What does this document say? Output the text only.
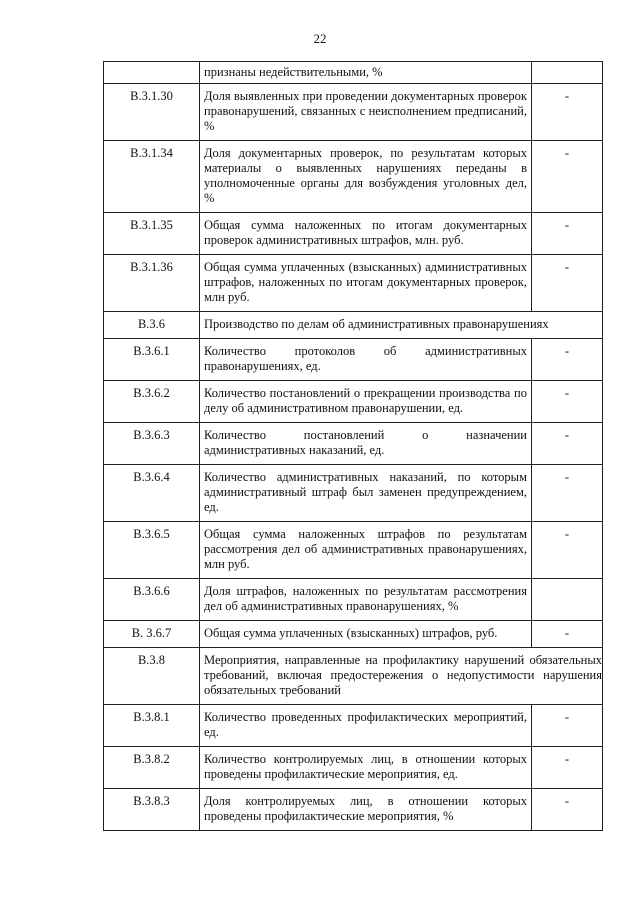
22
	признаны недействительными, %	
В.3.1.30	Доля выявленных при проведении документарных проверок правонарушений, связанных с неисполнением предписаний, %	-
В.3.1.34	Доля документарных проверок, по результатам которых материалы о выявленных нарушениях переданы в уполномоченные органы для возбуждения уголовных дел, %	-
В.3.1.35	Общая сумма наложенных по итогам документарных проверок административных штрафов, млн. руб.	-
В.3.1.36	Общая сумма уплаченных (взысканных) административных штрафов, наложенных по итогам документарных проверок, млн руб.	-
В.3.6	Производство по делам об административных правонарушениях	
В.3.6.1	Количество протоколов об административных правонарушениях, ед.	-
В.3.6.2	Количество постановлений о прекращении производства по делу об административном правонарушении, ед.	-
В.3.6.3	Количество постановлений о назначении административных наказаний, ед.	-
В.3.6.4	Количество административных наказаний, по которым административный штраф был заменен предупреждением, ед.	-
В.3.6.5	Общая сумма наложенных штрафов по результатам рассмотрения дел об административных правонарушениях, млн руб.	-
В.3.6.6	Доля штрафов, наложенных по результатам рассмотрения дел об административных правонарушениях, %	
В. 3.6.7	Общая сумма уплаченных (взысканных) штрафов, руб.	-
В.3.8	Мероприятия, направленные на профилактику нарушений обязательных требований, включая предостережения о недопустимости нарушения обязательных требований	

В.3.8.1	Количество проведенных профилактических мероприятий, ед.	-
В.3.8.2	Количество контролируемых лиц, в отношении которых проведены профилактические мероприятия, ед.	-
В.3.8.3	Доля контролируемых лиц, в отношении которых проведены профилактические мероприятия, %	-
